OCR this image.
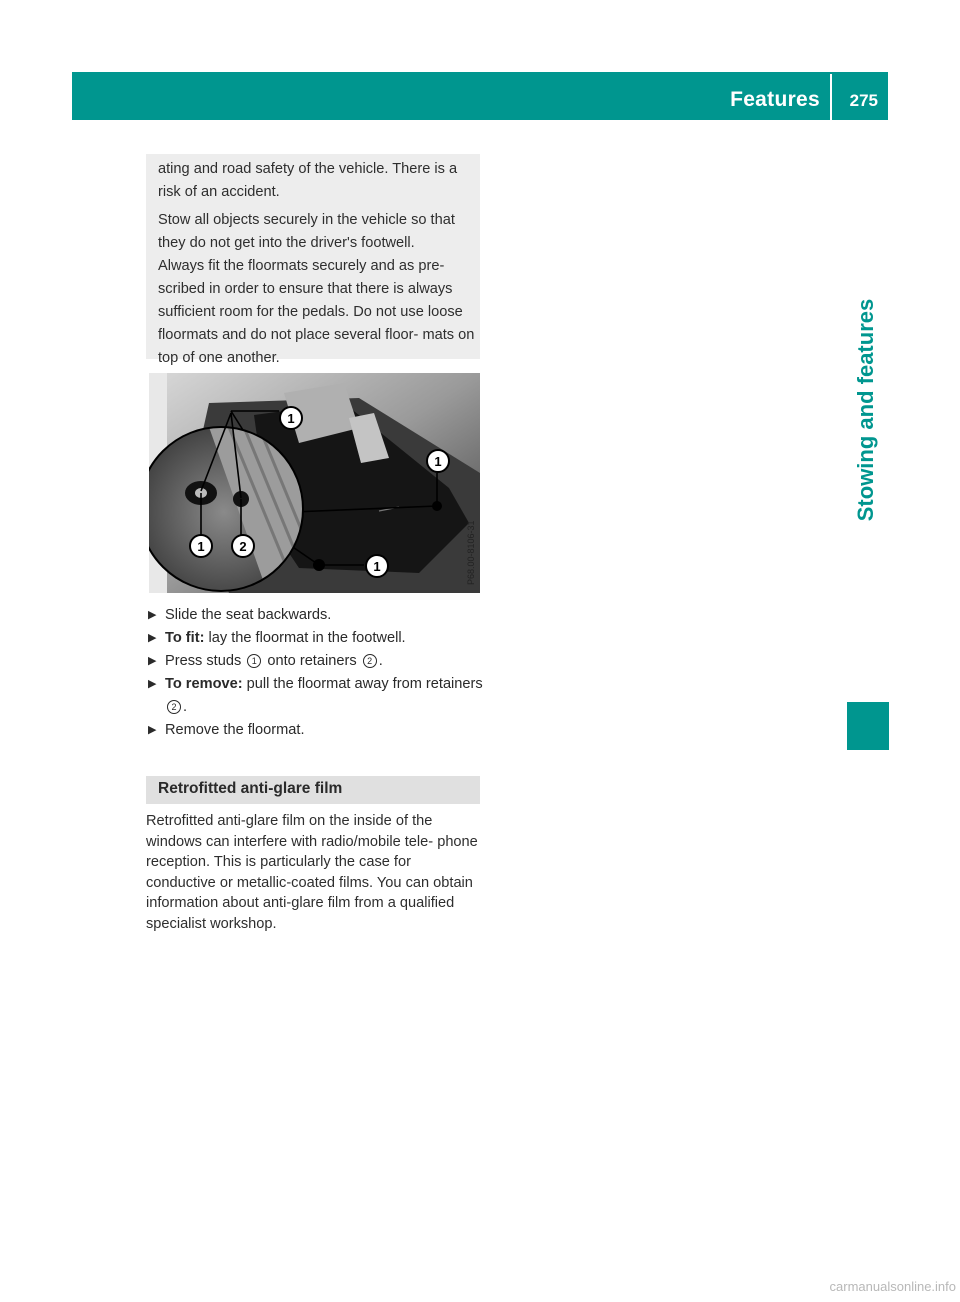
Features 275
Stowing and features

ating and road safety of the vehicle. There is a risk of an accident.

Stow all objects securely in the vehicle so that they do not get into the driver's footwell.

Always fit the floormats securely and as pre- scribed in order to ensure that there is always sufficient room for the pedals. Do not use loose floormats and do not place several floor- mats on top of one another.

1
1
1
1	2	P68.00-8106-31
▶ Slide the seat backwards.
▶ To fit: lay the floormat in the footwell.
▶ Press studs 1 onto retainers 2 .
▶ To remove: pull the floormat away from retainers 2 .
▶ Remove the floormat.
Retrofitted anti-glare film

Retrofitted anti-glare film on the inside of the windows can interfere with radio/mobile tele- phone reception. This is particularly the case for conductive or metallic-coated films. You can obtain information about anti-glare film from a qualified specialist workshop.

carmanualsonline.info
